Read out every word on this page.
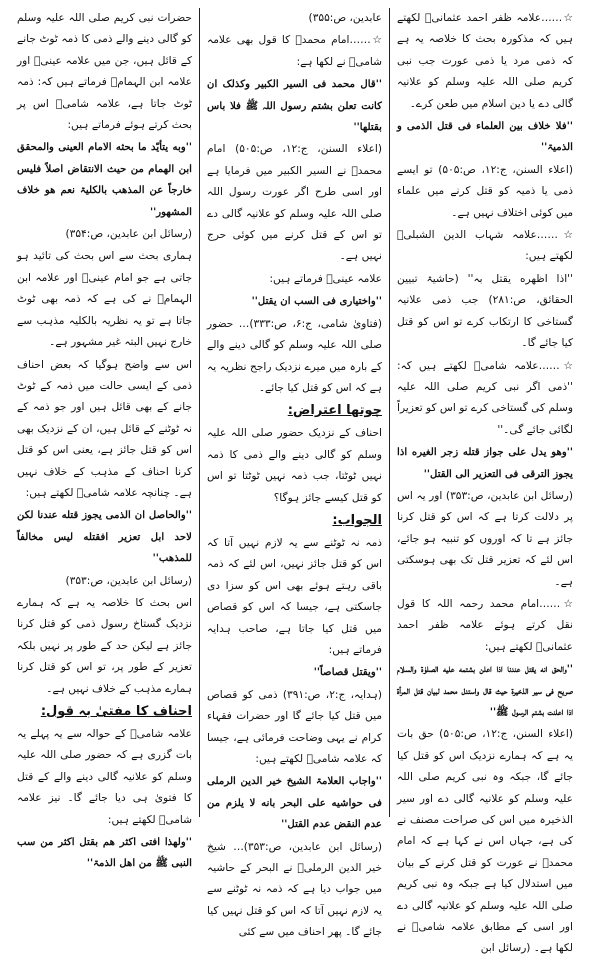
☆……علامہ ظفر احمد عثمانیؒ لکھتے ہیں کہ مذکورہ بحث کا خلاصہ یہ ہے کہ ذمی مرد یا ذمی عورت جب نبی کریم صلی اللہ علیہ وسلم کو علانیہ گالی دے یا دین اسلام میں طعن کرے۔

''فلا خلاف بین العلماء فی قتل الذمی و الذمیۃ''

(اعلاء السنن، ج:۱۲، ص:۵۰۵) تو ایسے ذمی یا ذمیہ کو قتل کرنے میں علماء میں کوئی اختلاف نہیں ہے۔

☆……علامہ شہاب الدین الشبلیؒ لکھتے ہیں:

''اذا اظهره یقتل بہ'' (حاشیۃ تبیین الحقائق، ص:۲۸۱) جب ذمی علانیہ گستاخی کا ارتکاب کرے تو اس کو قتل کیا جائے گا۔

☆……علامہ شامیؒ لکھتے ہیں کہ: ''ذمی اگر نبی کریم صلی اللہ علیہ وسلم کی گستاخی کرے تو اس کو تعزیراً لگائی جائے گی۔''

''وهو یدل علی جواز قتله زجر الغیره اذا یجوز الترقی فی التعزیر الی القتل''

(رسائل ابن عابدین، ص:۳۵۳) اور یہ اس پر دلالت کرتا ہے کہ اس کو قتل کرنا جائز ہے تا کہ اوروں کو تنبیہ ہو جائے، اس لئے کہ تعزیر قتل تک بھی ہوسکتی ہے۔

☆……امام محمد رحمہ اللہ کا قول نقل کرتے ہوئے علامہ ظفر احمد عثمانیؒ لکھتے ہیں:

''والحق انه یقتل عندنا اذا اعلن بشتمه علیه الصلوٰۃ والسلام صریح فی سیر الذخیرۃ حیث قال واستدل محمد لبیان قتل المرأۃ اذا اعلنت بشتم الرسول ﷺ''

(اعلاء السنن، ج:۱۲، ص:۵۰۵) حق بات یہ ہے کہ ہمارے نزدیک اس کو قتل کیا جائے گا، جبکہ وہ نبی کریم صلی اللہ علیہ وسلم کو علانیہ گالی دے اور سیر الذخیرہ میں اس کی صراحت مصنف نے کی ہے، جہاں اس نے کہا ہے کہ امام محمدؒ نے عورت کو قتل کرنے کے بیان میں استدلال کیا ہے جبکہ وہ نبی کریم صلی اللہ علیہ وسلم کو علانیہ گالی دے اور اسی کے مطابق علامہ شامیؒ نے لکھا ہے۔ (رسائل ابن

عابدین، ص:۳۵۵)

☆……امام محمدؒ کا قول بھی علامہ شامیؒ نے لکھا ہے:

''قال محمد فی السیر الکبیر وکذلک ان کانت تعلن بشتم رسول اللہ ﷺ فلا باس بقتلها''

(اعلاء السنن، ج:۱۲، ص:۵۰۵) امام محمدؒ نے السیر الکبیر میں فرمایا ہے اور اسی طرح اگر عورت رسول اللہ صلی اللہ علیہ وسلم کو علانیہ گالی دے تو اس کے قتل کرنے میں کوئی حرج نہیں ہے۔

علامہ عینیؒ فرماتے ہیں:

''واختیاری فی السب ان یقتل''

(فتاویٰ شامی، ج:۶، ص:۳۳۳)… حضور صلی اللہ علیہ وسلم کو گالی دینے والے کے بارہ میں میرے نزدیک راجح نظریہ یہ ہے کہ اس کو قتل کیا جائے۔

چوتھا اعتراض:

احناف کے نزدیک حضور صلی اللہ علیہ وسلم کو گالی دینے والے ذمی کا ذمہ نہیں ٹوٹتا، جب ذمہ نہیں ٹوٹتا تو اس کو قتل کیسے جائز ہوگا؟

الجواب:

ذمہ نہ ٹوٹنے سے یہ لازم نہیں آتا کہ اس کو قتل جائز نہیں، اس لئے کہ ذمہ باقی رہتے ہوئے بھی اس کو سزا دی جاسکتی ہے، جیسا کہ اس کو قصاص میں قتل کیا جاتا ہے، صاحب ہدایہ فرماتے ہیں:

''ویقتل قصاصاً''

(ہدایہ، ج:۲، ص:۳۹۱) ذمی کو قصاص میں قتل کیا جائے گا اور حضرات فقہاء کرام نے یہی وضاحت فرمائی ہے، جیسا کہ علامہ شامیؒ لکھتے ہیں:

''واجاب العلامۃ الشیخ خیر الدین الرملی فی حواشیه علی البحر بانه لا یلزم من عدم النقض عدم القتل''

(رسائل ابن عابدین، ص:۳۵۳)… شیخ خیر الدین الرملیؒ نے البحر کے حاشیہ میں جواب دیا ہے کہ ذمہ نہ ٹوٹنے سے یہ لازم نہیں آتا کہ اس کو قتل نہیں کیا جائے گا۔ پھر احناف میں سے کئی

حضرات نبی کریم صلی اللہ علیہ وسلم کو گالی دینے والے ذمی کا ذمہ ٹوٹ جانے کے قائل ہیں، جن میں علامہ عینیؒ اور علامہ ابن الہمامؒ فرماتے ہیں کہ: ذمہ ٹوٹ جاتا ہے، علامہ شامیؒ اس پر بحث کرتے ہوئے فرماتے ہیں:

''وبه یتأیّد ما بحثه الامام العینی والمحقق ابن الهمام من حیث الانتقاض اصلاً فلیس خارجاً عن المذهب بالکلیۃ نعم هو خلاف المشهور''

(رسائل ابن عابدین، ص:۳۵۴)

ہماری بحث سے اس بحث کی تائید ہو جاتی ہے جو امام عینیؒ اور علامہ ابن الہمامؒ نے کی ہے کہ ذمہ بھی ٹوٹ جاتا ہے تو یہ نظریہ بالکلیہ مذہب سے خارج نہیں البتہ غیر مشہور ہے۔

اس سے واضح ہوگیا کہ بعض احناف ذمی کے ایسی حالت میں ذمہ کے ٹوٹ جانے کے بھی قائل ہیں اور جو ذمہ کے نہ ٹوٹنے کے قائل ہیں، ان کے نزدیک بھی اس کو قتل جائز ہے، یعنی اس کو قتل کرنا احناف کے مذہب کے خلاف نہیں ہے۔ چنانچہ علامہ شامیؒ لکھتے ہیں:

''والحاصل ان الذمی یجوز قتله عندنا لکن لاحد ابل تعزیر افقتله لیس مخالفاً للمذهب''

(رسائل ابن عابدین، ص:۳۵۳)

اس بحث کا خلاصہ یہ ہے کہ ہمارے نزدیک گستاخ رسول ذمی کو قتل کرنا جائز ہے لیکن حد کے طور پر نہیں بلکہ تعزیر کے طور پر، تو اس کو قتل کرنا ہمارے مذہب کے خلاف نہیں ہے۔

احناف کا مفتیٰ بہ قول:

علامہ شامیؒ کے حوالہ سے یہ پہلے یہ بات گزری ہے کہ حضور صلی اللہ علیہ وسلم کو علانیہ گالی دینے والے کے قتل کا فتویٰ ہی دیا جائے گا۔ نیز علامہ شامیؒ لکھتے ہیں:

''ولهذا افتی اکثر هم بقتل اکثر من سب النبی ﷺ من اهل الذمۃ''
